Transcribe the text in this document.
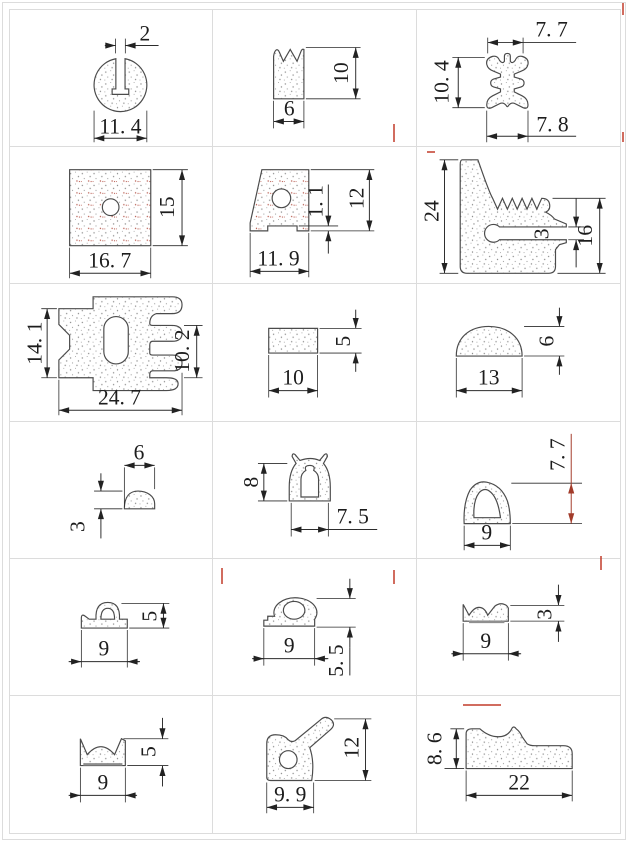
2
11. 4
10
6
7. 7
10. 4
7. 8
15
16. 7
1. 1 12
11. 9
24
3 16
14. 1	10. 2
24. 7
5
10
6
13
6
3
8
7. 5
7. 7
9
5
9	5. 5
9
3
9
5
9
12
9. 9
8. 6
22
